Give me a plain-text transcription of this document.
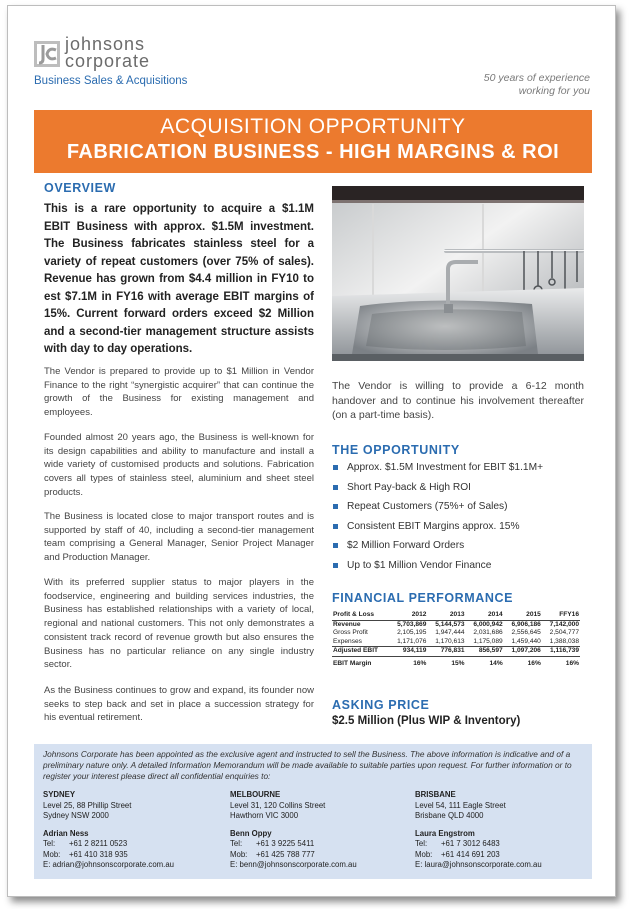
johnsons
corporate
Business Sales & Acquisitions	50 years of experience
working for you
ACQUISITION OPPORTUNITY
FABRICATION BUSINESS - HIGH MARGINS & ROI
OVERVIEW
This is a rare opportunity to acquire a $1.1M EBIT Business with approx. $1.5M investment. The Business fabricates stainless steel for a variety of repeat customers (over 75% of sales). Revenue has grown from $4.4 million in FY10 to est $7.1M in FY16 with average EBIT margins of 15%. Current forward orders exceed $2 Million and a second-tier management structure assists with day to day operations.
The Vendor is prepared to provide up to $1 Million in Vendor Finance to the right “synergistic acquirer” that can continue the growth of the Business for existing management and employees.
Founded almost 20 years ago, the Business is well-known for its design capabilities and ability to manufacture and install a wide variety of customised products and solutions. Fabrication covers all types of stainless steel, aluminium and sheet steel products.
The Business is located close to major transport routes and is supported by staff of 40, including a second-tier management team comprising a General Manager, Senior Project Manager and Production Manager.
With its preferred supplier status to major players in the foodservice, engineering and building services industries, the Business has established relationships with a variety of local, regional and national customers. This not only demonstrates a consistent track record of revenue growth but also ensures the Business has no particular reliance on any single industry sector.
As the Business continues to grow and expand, its founder now seeks to step back and set in place a succession strategy for his eventual retirement.
The Vendor is willing to provide a 6-12 month handover and to continue his involvement thereafter (on a part-time basis).
THE OPPORTUNITY
Approx. $1.5M Investment for EBIT $1.1M+
Short Pay-back & High ROI
Repeat Customers (75%+ of Sales)
Consistent EBIT Margins approx. 15%
$2 Million Forward Orders
Up to $1 Million Vendor Finance
FINANCIAL PERFORMANCE
Profit & Loss	2012	2013	2014	2015	FFY16
Revenue	5,703,869	5,144,573	6,000,942	6,906,186	7,142,000
Gross Profit	2,105,195	1,947,444	2,031,686	2,556,645	2,504,777
Expenses	1,171,076	1,170,613	1,175,089	1,459,440	1,388,038
Adjusted EBIT	934,119	776,831	856,597	1,097,206	1,116,739
EBIT Margin	16%	15%	14%	16%	16%
ASKING PRICE
$2.5 Million (Plus WIP & Inventory)
Johnsons Corporate has been appointed as the exclusive agent and instructed to sell the Business. The above information is indicative and of a preliminary nature only. A detailed Information Memorandum will be made available to suitable parties upon request. For further information or to register your interest please direct all confidential enquiries to:
SYDNEY
Level 25, 88 Phillip Street
Sydney NSW 2000
Adrian Ness
Tel: +61 2 8211 0523
Mob: +61 410 318 935
E: adrian@johnsonscorporate.com.au
MELBOURNE
Level 31, 120 Collins Street
Hawthorn VIC 3000
Benn Oppy
Tel: +61 3 9225 5411
Mob: +61 425 788 777
E: benn@johnsonscorporate.com.au
BRISBANE
Level 54, 111 Eagle Street
Brisbane QLD 4000
Laura Engstrom
Tel: +61 7 3012 6483
Mob: +61 414 691 203
E: laura@johnsonscorporate.com.au
